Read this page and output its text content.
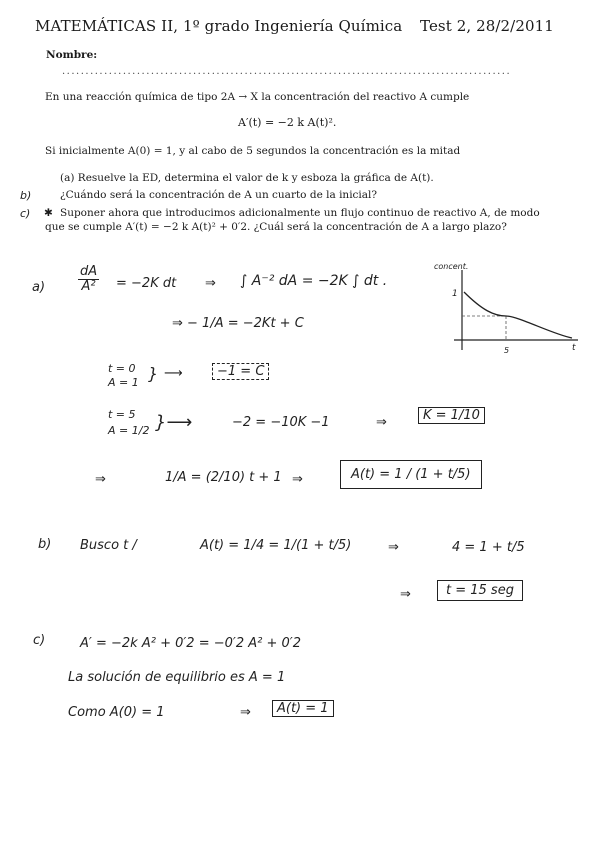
MATEMÁTICAS II, 1º grado Ingeniería Química Test 2, 28/2/2011
Nombre:
................................................................................................
En una reacción química de tipo 2A → X la concentración del reactivo A cumple
A′(t) = −2 k A(t)².
Si inicialmente A(0) = 1, y al cabo de 5 segundos la concentración es la mitad
(a) Resuelve la ED, determina el valor de k y esboza la gráfica de A(t).
b)	¿Cuándo será la concentración de A un cuarto de la inicial?
c) ✱ Suponer ahora que introducimos adicionalmente un flujo continuo de reactivo A, de modo
que se cumple A′(t) = −2 k A(t)² + 0′2. ¿Cuál será la concentración de A a largo plazo?
a)	$\frac{dA}{\text{A²}} = -2K$ dt ⇒ ∫ A⁻² dA = −2K ∫ dt .
⇒ − 1/A = −2Kt + C
t = 0
A = 1 } ⟶	−1 = C
t = 5
A = 1/2 }⟶	−2 = −10K −1	⇒	K = 1/10
⇒	1/A = (2/10) t + 1 ⇒	A(t) = 1 / (1 + t/5)
concent.
1
5	t
b) Busco t /	A(t) = 1/4 = 1/(1 + t/5)	⇒	4 = 1 + t/5
⇒	t = 15 seg
c)	A′ = −2k A² + 0′2 = −0′2 A² + 0′2
La solución de equilibrio es A = 1
Como A(0) = 1	⇒	A(t) = 1
